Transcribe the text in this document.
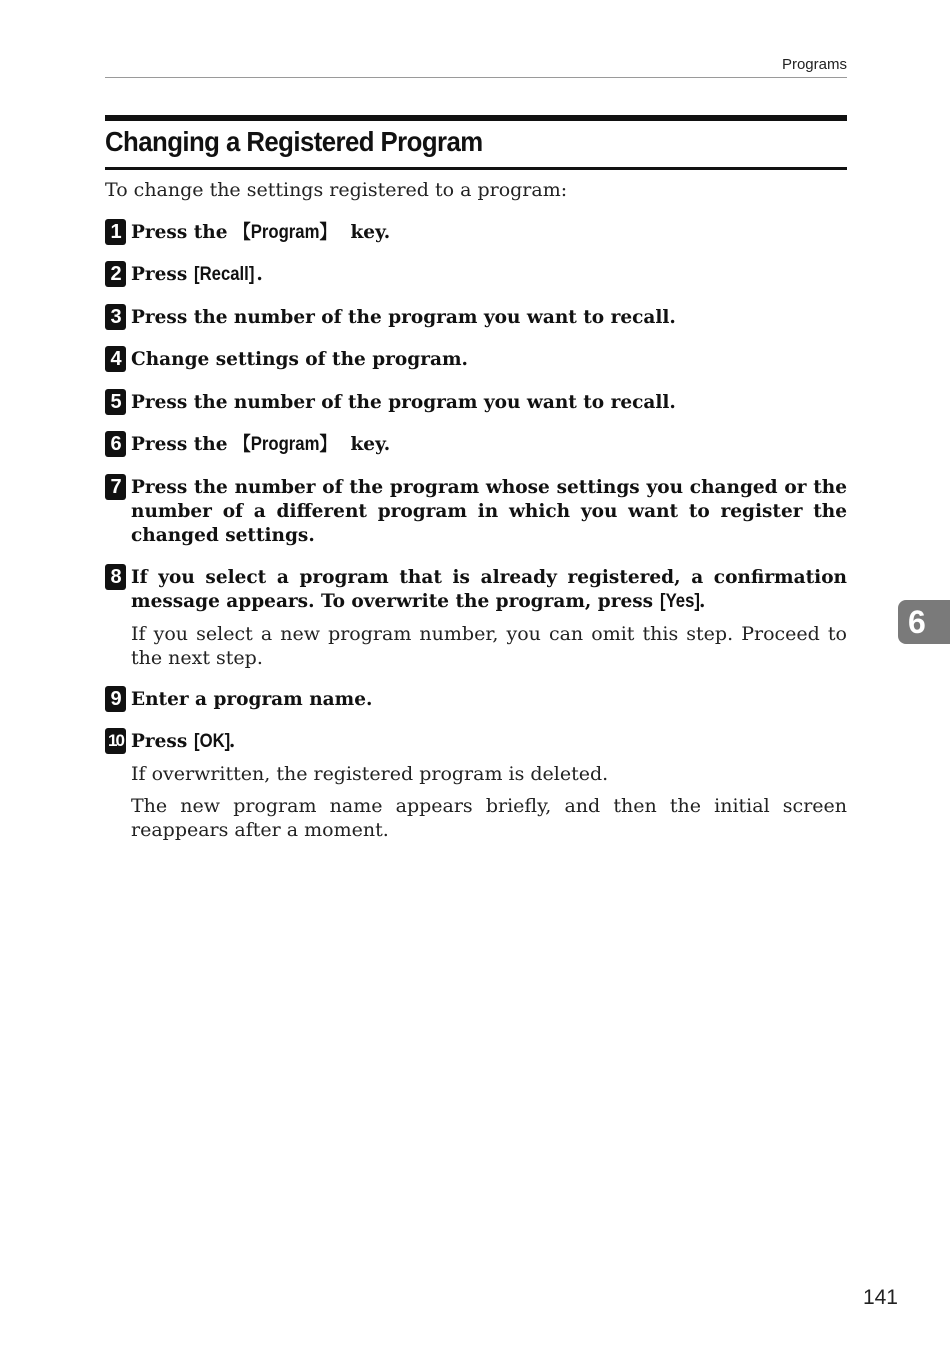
Programs
Changing a Registered Program
To change the settings registered to a program:
1 Press the 【Program】 key.
2 Press [Recall] .
3 Press the number of the program you want to recall.
4 Change settings of the program.
5 Press the number of the program you want to recall.
6 Press the 【Program】 key.
7 Press the number of the program whose settings you changed or the number of a different program in which you want to register the changed settings.
8 If you select a program that is already registered, a confirmation message appears. To overwrite the program, press [Yes].
If you select a new program number, you can omit this step. Proceed to the next step.
9 Enter a program name.
10 Press [OK].
If overwritten, the registered program is deleted.
The new program name appears briefly, and then the initial screen reappears after a moment.
6
141
